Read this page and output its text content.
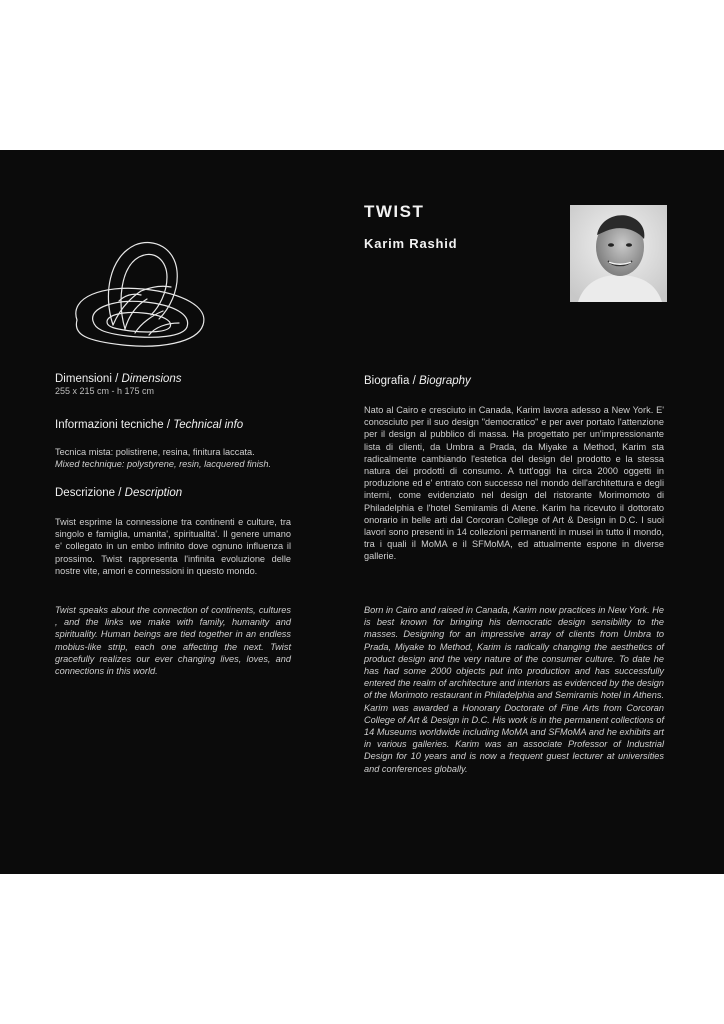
TWIST
Karim Rashid

Dimensioni / Dimensions

255 x 215 cm - h 175 cm

Informazioni tecniche / Technical info

Tecnica mista: polistirene, resina, finitura laccata.

Mixed technique: polystyrene, resin, lacquered finish.

Descrizione / Description

Twist esprime la connessione tra continenti e culture, tra singolo e famiglia, umanita', spiritualita'. Il genere umano e' collegato in un embo infinito dove ognuno influenza il prossimo. Twist rappresenta l'infinita evoluzione delle nostre vite, amori e connessioni in questo mondo.

Twist speaks about the connection of continents, cultures , and the links we make with family, humanity and spirituality. Human beings are tied together in an endless mobius-like strip, each one affecting the next. Twist gracefully realizes our ever changing lives, loves, and connections in this world.

Biografia / Biography

Nato al Cairo e cresciuto in Canada, Karim lavora adesso a New York. E' conosciuto per il suo design "democratico" e per aver portato l'attenzione per il design al pubblico di massa. Ha progettato per un'impressionante lista di clienti, da Umbra a Prada, da Miyake a Method, Karim sta radicalmente cambiando l'estetica del design del prodotto e la stessa natura dei prodotti di consumo. A tutt'oggi ha circa 2000 oggetti in produzione ed e' entrato con successo nel mondo dell'architettura e degli interni, come evidenziato nel design del ristorante Morimomoto di Philadelphia e l'hotel Semiramis di Atene. Karim ha ricevuto il dottorato onorario in belle arti dal Corcoran College of Art & Design in D.C. I suoi lavori sono presenti in 14 collezioni permanenti in musei in tutto il mondo, tra i quali il MoMA e il SFMoMA, ed attualmente espone in diverse gallerie.

Born in Cairo and raised in Canada, Karim now practices in New York. He is best known for bringing his democratic design sensibility to the masses. Designing for an impressive array of clients from Umbra to Prada, Miyake to Method, Karim is radically changing the aesthetics of product design and the very nature of the consumer culture. To date he has had some 2000 objects put into production and has successfully entered the realm of architecture and interiors as evidenced by the design of the Morimoto restaurant in Philadelphia and Semiramis hotel in Athens. Karim was awarded a Honorary Doctorate of Fine Arts from Corcoran College of Art & Design in D.C. His work is in the permanent collections of 14 Museums worldwide including MoMA and SFMoMA and he exhibits art in various galleries. Karim was an associate Professor of Industrial Design for 10 years and is now a frequent guest lecturer at universities and conferences globally.
